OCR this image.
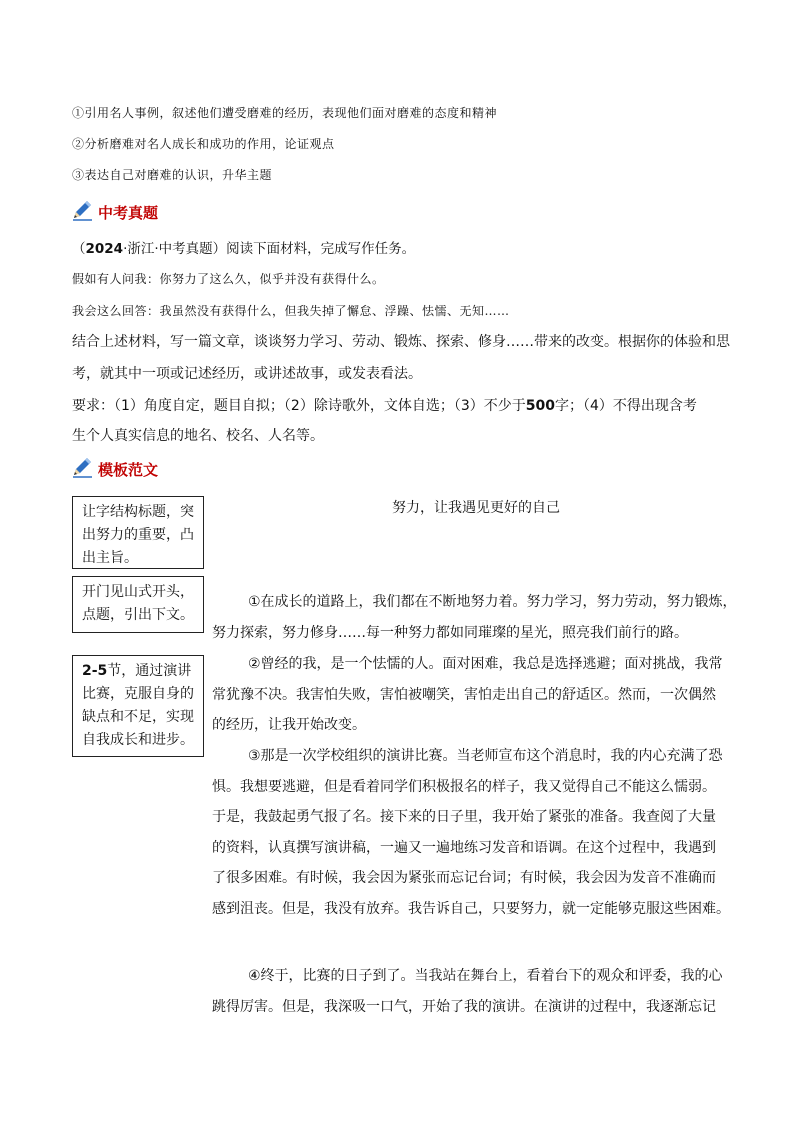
①引用名人事例，叙述他们遭受磨难的经历，表现他们面对磨难的态度和精神
②分析磨难对名人成长和成功的作用，论证观点
③表达自己对磨难的认识，升华主题
中考真题
（2024·浙江·中考真题）阅读下面材料，完成写作任务。
假如有人问我：你努力了这么久，似乎并没有获得什么。
我会这么回答：我虽然没有获得什么，但我失掉了懈怠、浮躁、怯懦、无知……
结合上述材料，写一篇文章，谈谈努力学习、劳动、锻炼、探索、修身……带来的改变。根据你的体验和思
考，就其中一项或记述经历，或讲述故事，或发表看法。
要求：（1）角度自定，题目自拟；（2）除诗歌外，文体自选；（3）不少于500字；（4）不得出现含考
生个人真实信息的地名、校名、人名等。
模板范文
让字结构标题，突出努力的重要，凸出主旨。
开门见山式开头，点题，引出下文。
2-5节，通过演讲比赛，克服自身的缺点和不足，实现自我成长和进步。
努力，让我遇见更好的自己
①在成长的道路上，我们都在不断地努力着。努力学习，努力劳动，努力锻炼，
努力探索，努力修身……每一种努力都如同璀璨的星光，照亮我们前行的路。
②曾经的我，是一个怯懦的人。面对困难，我总是选择逃避；面对挑战，我常
常犹豫不决。我害怕失败，害怕被嘲笑，害怕走出自己的舒适区。然而，一次偶然
的经历，让我开始改变。
③那是一次学校组织的演讲比赛。当老师宣布这个消息时，我的内心充满了恐
惧。我想要逃避，但是看着同学们积极报名的样子，我又觉得自己不能这么懦弱。
于是，我鼓起勇气报了名。接下来的日子里，我开始了紧张的准备。我查阅了大量
的资料，认真撰写演讲稿，一遍又一遍地练习发音和语调。在这个过程中，我遇到
了很多困难。有时候，我会因为紧张而忘记台词；有时候，我会因为发音不准确而
感到沮丧。但是，我没有放弃。我告诉自己，只要努力，就一定能够克服这些困难。
④终于，比赛的日子到了。当我站在舞台上，看着台下的观众和评委，我的心
跳得厉害。但是，我深吸一口气，开始了我的演讲。在演讲的过程中，我逐渐忘记
